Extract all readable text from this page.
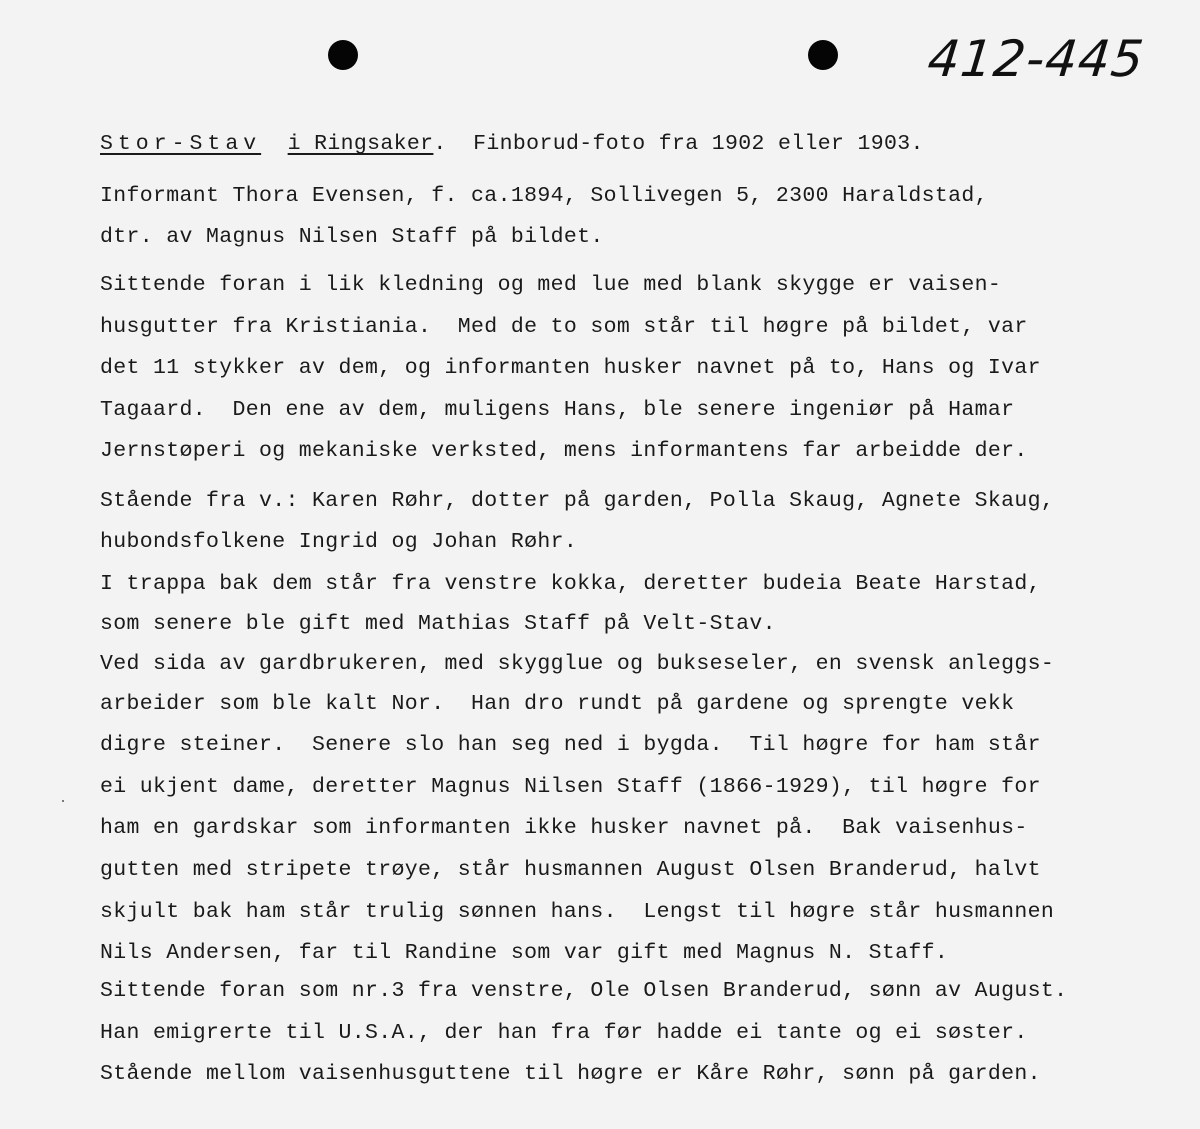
412-445
Stor-Stav i Ringsaker.  Finborud-foto fra 1902 eller 1903.
Informant Thora Evensen, f. ca.1894, Sollivegen 5, 2300 Haraldstad,
dtr. av Magnus Nilsen Staff på bildet.
Sittende foran i lik kledning og med lue med blank skygge er vaisen-
husgutter fra Kristiania.  Med de to som står til høgre på bildet, var
det 11 stykker av dem, og informanten husker navnet på to, Hans og Ivar
Tagaard.  Den ene av dem, muligens Hans, ble senere ingeniør på Hamar
Jernstøperi og mekaniske verksted, mens informantens far arbeidde der.
Stående fra v.: Karen Røhr, dotter på garden, Polla Skaug, Agnete Skaug,
hubondsfolkene Ingrid og Johan Røhr.
I trappa bak dem står fra venstre kokka, deretter budeia Beate Harstad,
som senere ble gift med Mathias Staff på Velt-Stav.
Ved sida av gardbrukeren, med skygglue og bukseseler, en svensk anleggs-
arbeider som ble kalt Nor.  Han dro rundt på gardene og sprengte vekk
digre steiner.  Senere slo han seg ned i bygda.  Til høgre for ham står
ei ukjent dame, deretter Magnus Nilsen Staff (1866-1929), til høgre for
ham en gardskar som informanten ikke husker navnet på.  Bak vaisenhus-
gutten med stripete trøye, står husmannen August Olsen Branderud, halvt
skjult bak ham står trulig sønnen hans.  Lengst til høgre står husmannen
Nils Andersen, far til Randine som var gift med Magnus N. Staff.
Sittende foran som nr.3 fra venstre, Ole Olsen Branderud, sønn av August.
Han emigrerte til U.S.A., der han fra før hadde ei tante og ei søster.
Stående mellom vaisenhusguttene til høgre er Kåre Røhr, sønn på garden.
